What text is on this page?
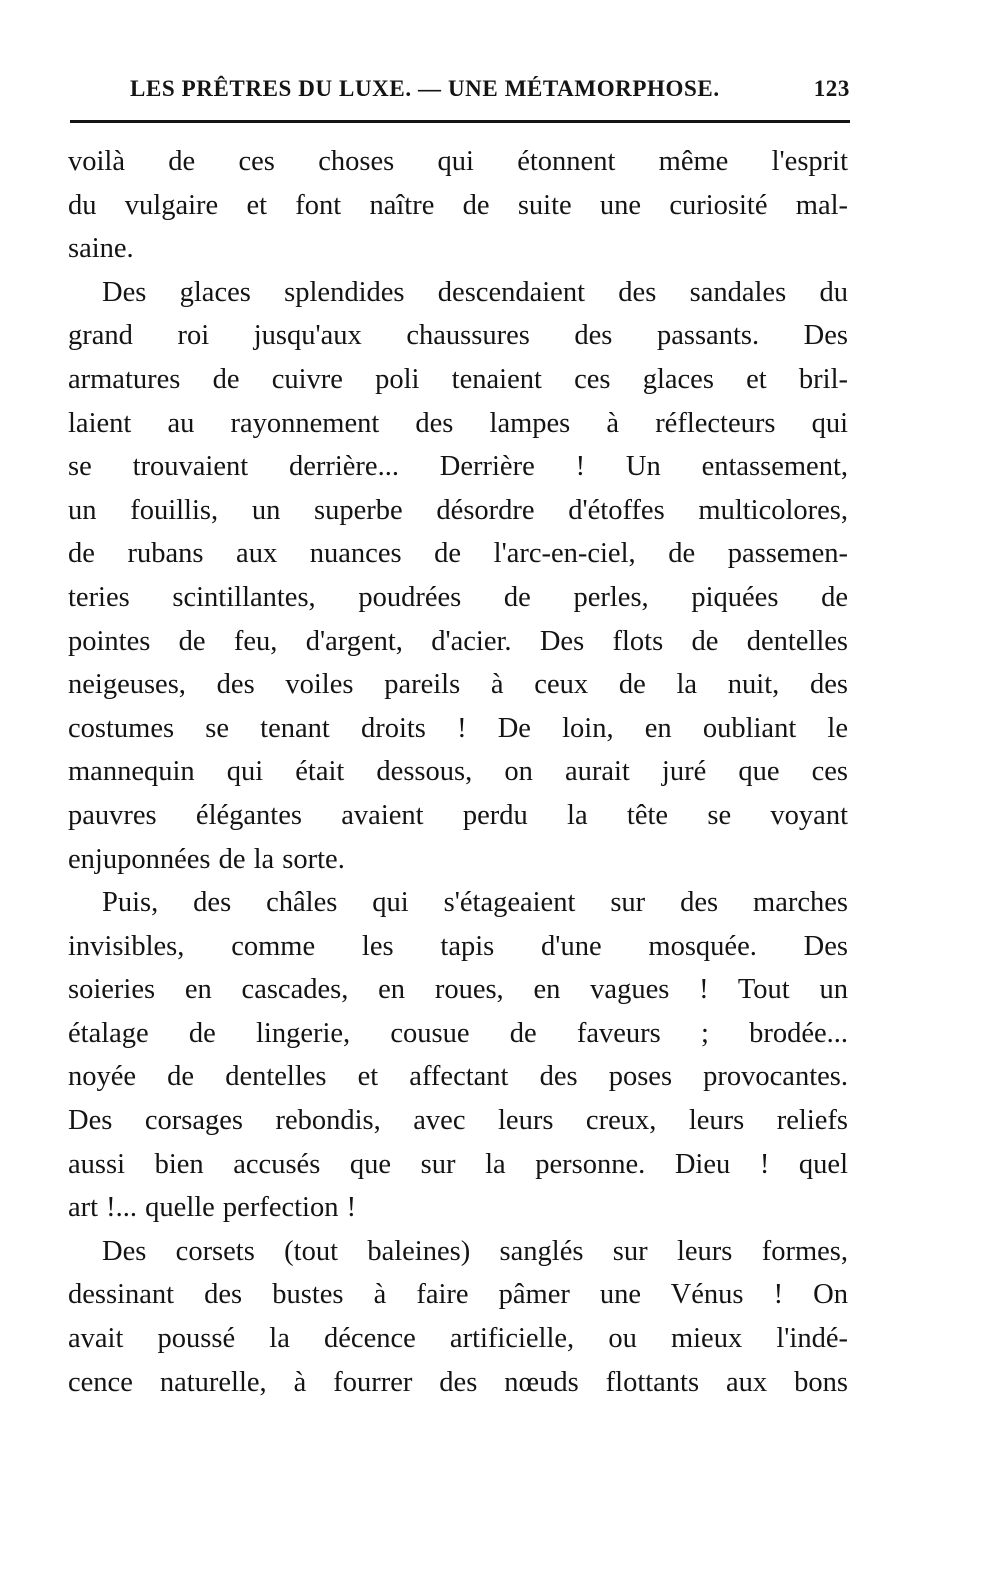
LES PRÊTRES DU LUXE. — UNE MÉTAMORPHOSE.	123

voilà de ces choses qui étonnent même l'esprit
du vulgaire et font naître de suite une curiosité mal-
saine.

Des glaces splendides descendaient des sandales du
grand roi jusqu'aux chaussures des passants. Des
armatures de cuivre poli tenaient ces glaces et bril-
laient au rayonnement des lampes à réflecteurs qui
se trouvaient derrière... Derrière ! Un entassement,
un fouillis, un superbe désordre d'étoffes multicolores,
de rubans aux nuances de l'arc-en-ciel, de passemen-
teries scintillantes, poudrées de perles, piquées de
pointes de feu, d'argent, d'acier. Des flots de dentelles
neigeuses, des voiles pareils à ceux de la nuit, des
costumes se tenant droits ! De loin, en oubliant le
mannequin qui était dessous, on aurait juré que ces
pauvres élégantes avaient perdu la tête se voyant
enjuponnées de la sorte.

Puis, des châles qui s'étageaient sur des marches
invisibles, comme les tapis d'une mosquée. Des
soieries en cascades, en roues, en vagues ! Tout un
étalage de lingerie, cousue de faveurs ; brodée...
noyée de dentelles et affectant des poses provocantes.
Des corsages rebondis, avec leurs creux, leurs reliefs
aussi bien accusés que sur la personne. Dieu ! quel
art !... quelle perfection !

Des corsets (tout baleines) sanglés sur leurs formes,
dessinant des bustes à faire pâmer une Vénus ! On
avait poussé la décence artificielle, ou mieux l'indé-
cence naturelle, à fourrer des nœuds flottants aux bons
